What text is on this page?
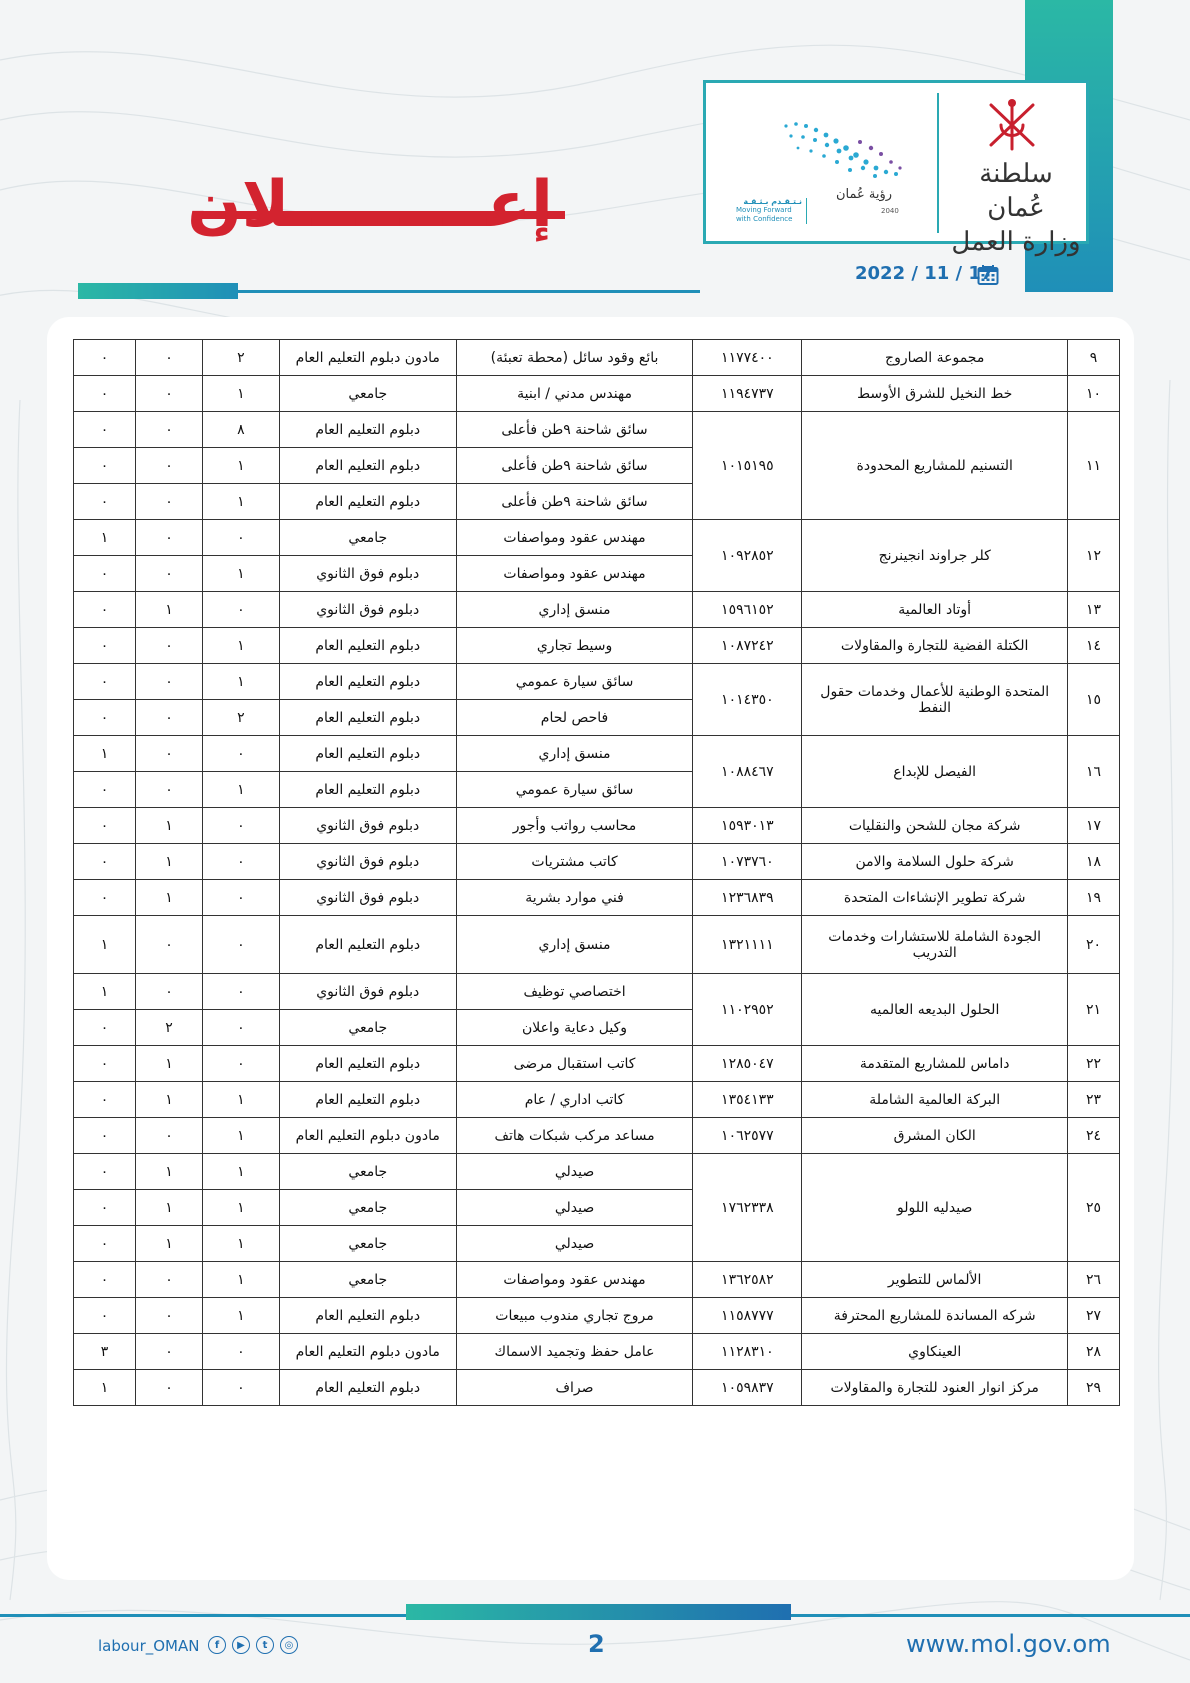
سلطنة عُمان
وزارة العمل
رؤية عُمان
2040
نـتـقـدم بـثـقـة
Moving Forward with Confidence
2022 / 11 / 17
إعـــــــــلان
٩	مجموعة الصاروج	١١٧٧٤٠٠	بائع وقود سائل (محطة تعبئة)	مادون دبلوم التعليم العام	٢	٠	٠
١٠	خط النخيل للشرق الأوسط	١١٩٤٧٣٧	مهندس مدني / ابنية	جامعي	١	٠	٠
١١	التسنيم للمشاريع المحدودة	١٠١٥١٩٥	سائق شاحنة ٩طن فأعلى	دبلوم التعليم العام	٨	٠	٠
			سائق شاحنة ٩طن فأعلى	دبلوم التعليم العام	١	٠	٠
			سائق شاحنة ٩طن فأعلى	دبلوم التعليم العام	١	٠	٠
١٢	كلر جراوند انجينرنج	١٠٩٢٨٥٢	مهندس عقود ومواصفات	جامعي	٠	٠	١
			مهندس عقود ومواصفات	دبلوم فوق الثانوي	١	٠	٠
١٣	أوتاد العالمية	١٥٩٦١٥٢	منسق إداري	دبلوم فوق الثانوي	٠	١	٠
١٤	الكتلة الفضية للتجارة والمقاولات	١٠٨٧٢٤٢	وسيط تجاري	دبلوم التعليم العام	١	٠	٠
١٥	المتحدة الوطنية للأعمال وخدمات حقول النفط	١٠١٤٣٥٠	سائق سيارة عمومي	دبلوم التعليم العام	١	٠	٠
			فاحص لحام	دبلوم التعليم العام	٢	٠	٠
١٦	الفيصل للإبداع	١٠٨٨٤٦٧	منسق إداري	دبلوم التعليم العام	٠	٠	١
			سائق سيارة عمومي	دبلوم التعليم العام	١	٠	٠
١٧	شركة مجان للشحن والنقليات	١٥٩٣٠١٣	محاسب رواتب وأجور	دبلوم فوق الثانوي	٠	١	٠
١٨	شركة حلول السلامة والامن	١٠٧٣٧٦٠	كاتب مشتريات	دبلوم فوق الثانوي	٠	١	٠
١٩	شركة تطوير الإنشاءات المتحدة	١٢٣٦٨٣٩	فني موارد بشرية	دبلوم فوق الثانوي	٠	١	٠
٢٠	الجودة الشاملة للاستشارات وخدمات التدريب	١٣٢١١١١	منسق إداري	دبلوم التعليم العام	٠	٠	١
٢١	الحلول البديعه العالميه	١١٠٢٩٥٢	اختصاصي توظيف	دبلوم فوق الثانوي	٠	٠	١
			وكيل دعاية واعلان	جامعي	٠	٢	٠
٢٢	داماس للمشاريع المتقدمة	١٢٨٥٠٤٧	كاتب استقبال مرضى	دبلوم التعليم العام	٠	١	٠
٢٣	البركة العالمية الشاملة	١٣٥٤١٣٣	كاتب اداري / عام	دبلوم التعليم العام	١	١	٠
٢٤	الكان المشرق	١٠٦٢٥٧٧	مساعد مركب شبكات هاتف	مادون دبلوم التعليم العام	١	٠	٠
٢٥	صيدليه اللولو	١٧٦٢٣٣٨	صيدلي	جامعي	١	١	٠
			صيدلي	جامعي	١	١	٠
			صيدلي	جامعي	١	١	٠
٢٦	الألماس للتطوير	١٣٦٢٥٨٢	مهندس عقود ومواصفات	جامعي	١	٠	٠
٢٧	شركه المساندة للمشاريع المحترفة	١١٥٨٧٧٧	مروج تجاري مندوب مبيعات	دبلوم التعليم العام	١	٠	٠
٢٨	العينكاوي	١١٢٨٣١٠	عامل حفظ وتجميد الاسماك	مادون دبلوم التعليم العام	٠	٠	٣
٢٩	مركز انوار العنود للتجارة والمقاولات	١٠٥٩٨٣٧	صراف	دبلوم التعليم العام	٠	٠	١
2	www.mol.gov.om
labour_OMAN	f	▶	t	◎
